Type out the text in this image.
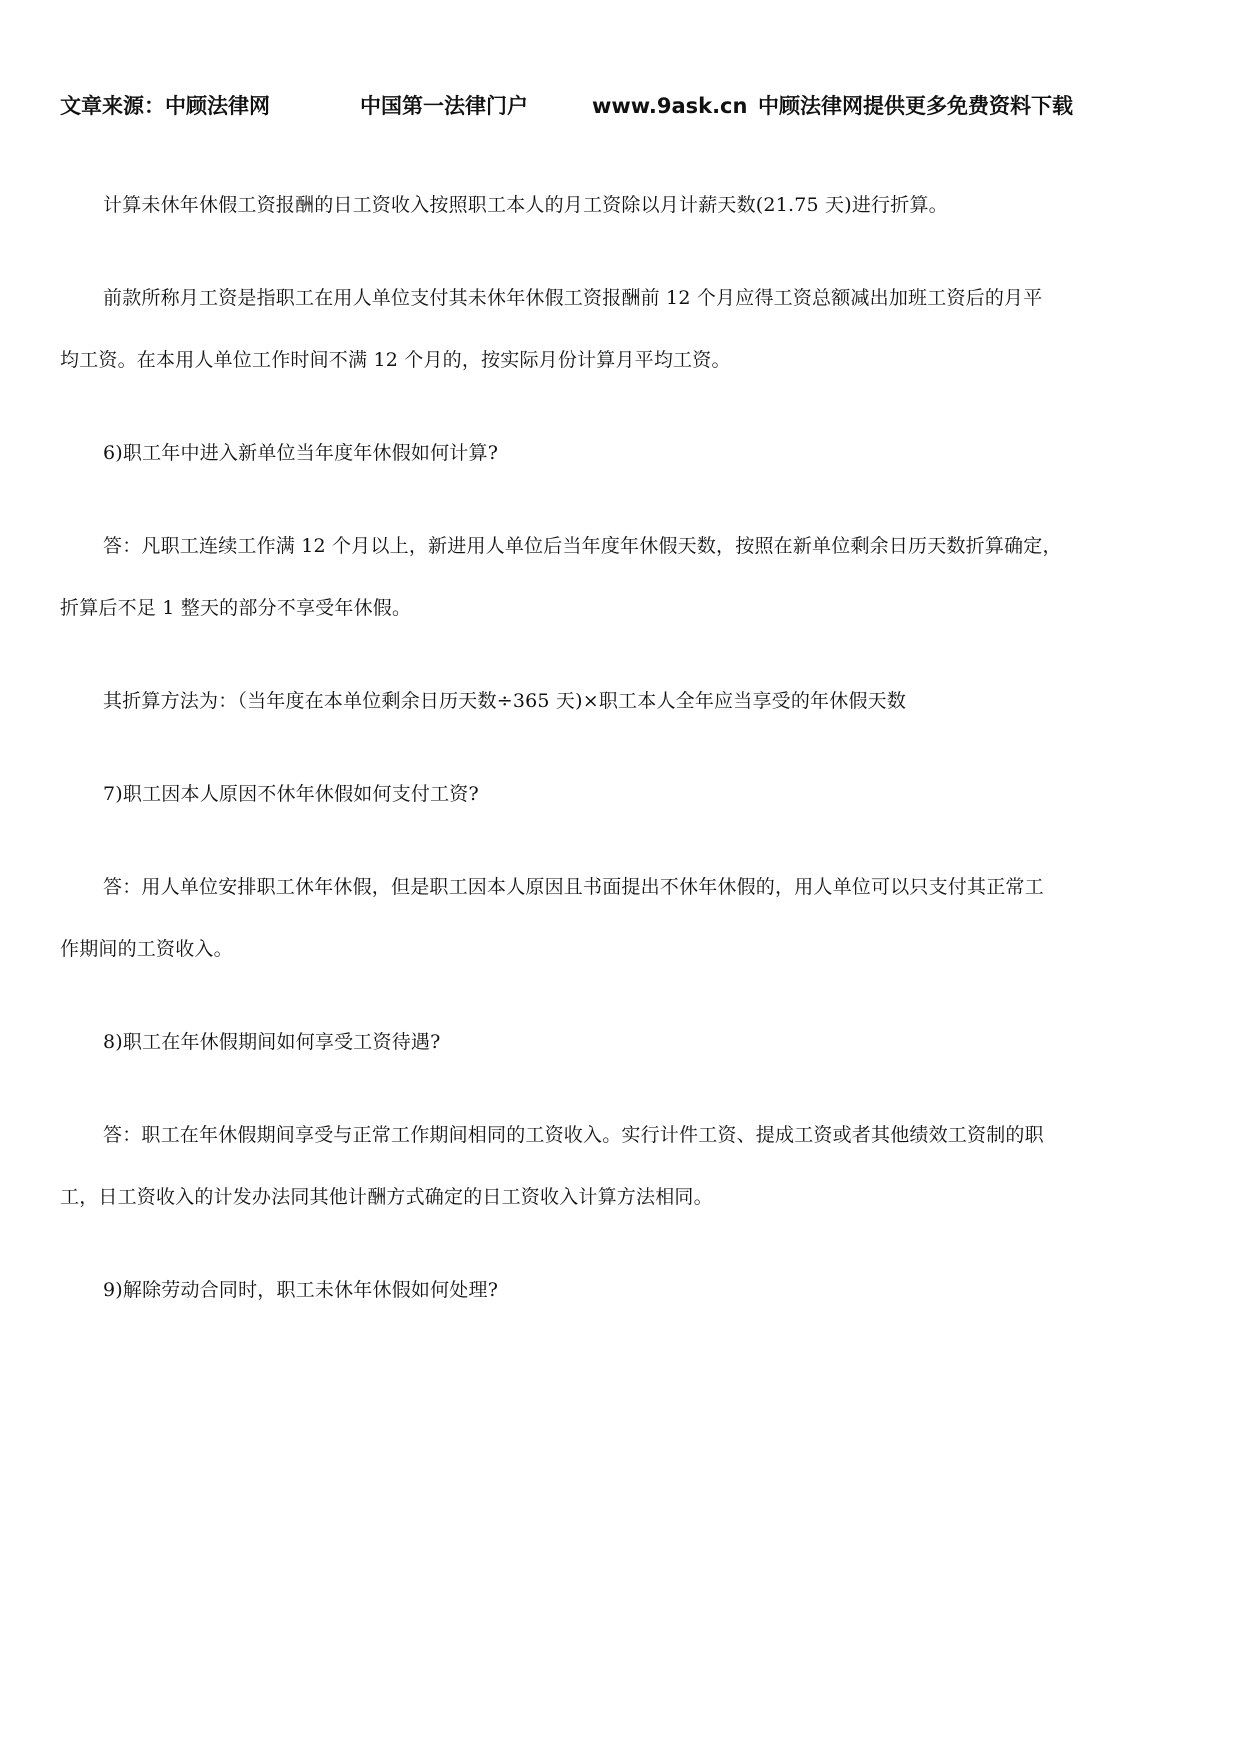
文章来源：中顾法律网	中国第一法律门户	www.9ask.cn 中顾法律网提供更多免费资料下载
计算未休年休假工资报酬的日工资收入按照职工本人的月工资除以月计薪天数(21.75 天)进行折算。
前款所称月工资是指职工在用人单位支付其未休年休假工资报酬前 12 个月应得工资总额减出加班工资后的月平
均工资。在本用人单位工作时间不满 12 个月的，按实际月份计算月平均工资。
6)职工年中进入新单位当年度年休假如何计算?
答：凡职工连续工作满 12 个月以上，新进用人单位后当年度年休假天数，按照在新单位剩余日历天数折算确定，
折算后不足 1 整天的部分不享受年休假。
其折算方法为：（当年度在本单位剩余日历天数÷365 天)×职工本人全年应当享受的年休假天数
7)职工因本人原因不休年休假如何支付工资?
答：用人单位安排职工休年休假，但是职工因本人原因且书面提出不休年休假的，用人单位可以只支付其正常工
作期间的工资收入。
8)职工在年休假期间如何享受工资待遇?
答：职工在年休假期间享受与正常工作期间相同的工资收入。实行计件工资、提成工资或者其他绩效工资制的职
工，日工资收入的计发办法同其他计酬方式确定的日工资收入计算方法相同。
9)解除劳动合同时，职工未休年休假如何处理?
